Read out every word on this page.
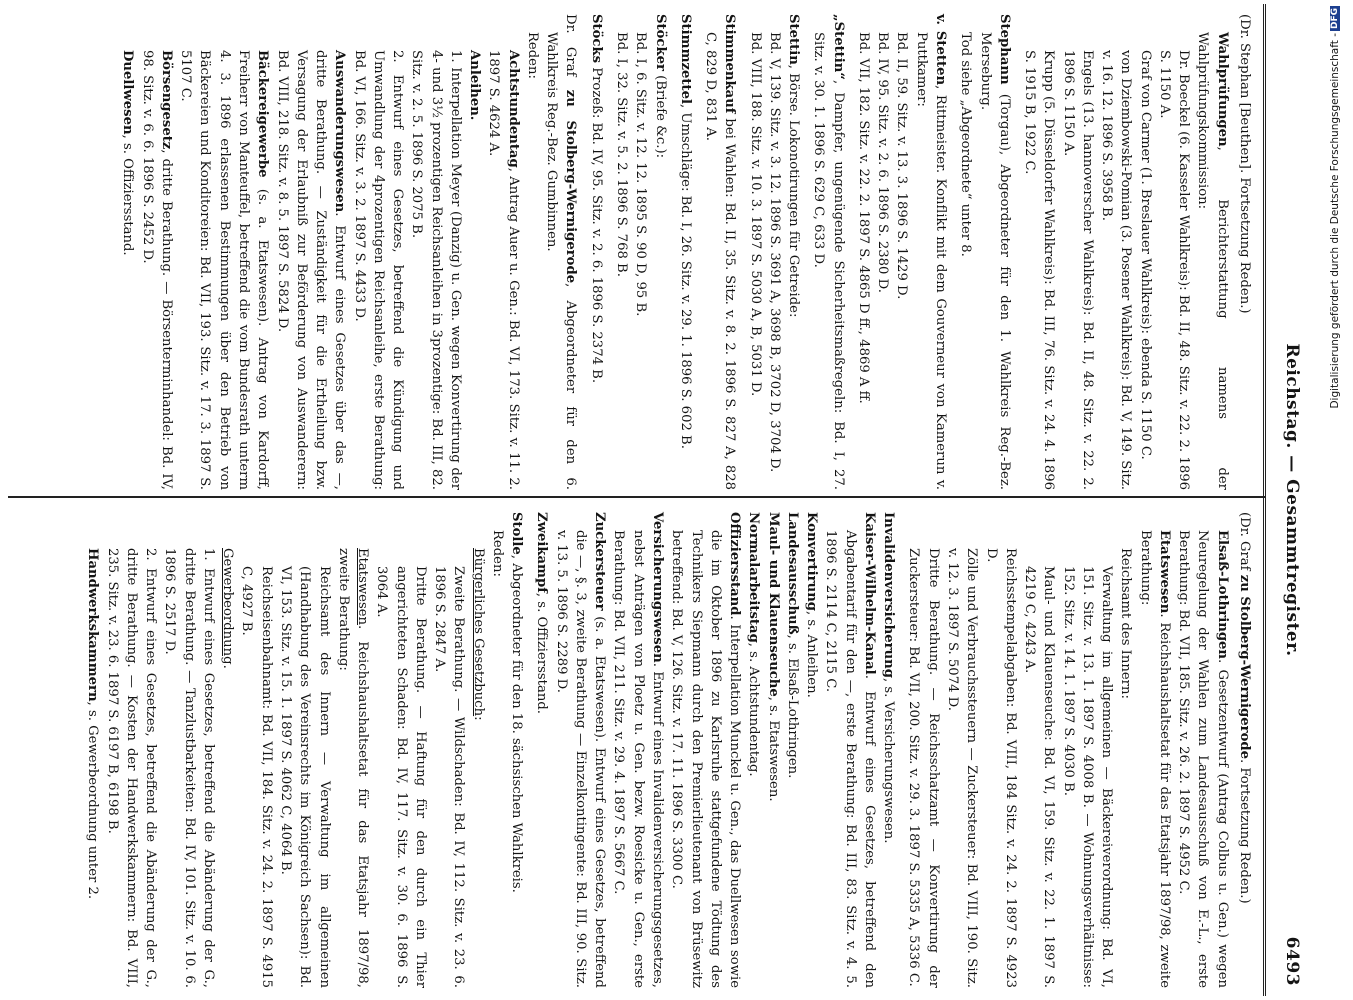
Reichstag. — Gesammtregister.
6493

(Dr. Stephan [Beuthen]. Fortsetzung Reden.)

Wahlprüfungen, Berichterstattung namens der Wahlprüfungskommission:

Dr. Boeckel (6. Kasseler Wahlkreis): Bd. II, 48. Sitz. v. 22. 2. 1896 S. 1150 A.

Graf von Carmer (1. Breslauer Wahlkreis): ebenda S. 1150 C.

von Dziembowski-Pomian (3. Posener Wahlkreis): Bd. V, 149. Sitz. v. 16. 12. 1896 S. 3958 B.

Engels (13. hannoverscher Wahlkreis): Bd. II, 48. Sitz. v. 22. 2. 1896 S. 1150 A.

Krupp (5. Düsseldorfer Wahlkreis): Bd. III, 76. Sitz. v. 24. 4. 1896 S. 1915 B, 1922 C.

Stephann (Torgau), Abgeordneter für den 1. Wahlkreis Reg.-Bez. Merseburg.

Tod siehe „Abgeordnete“ unter 8.

v. Stetten, Rittmeister. Konflikt mit dem Gouverneur von Kamerun v. Puttkamer:

Bd. II, 59. Sitz. v. 13. 3. 1896 S. 1429 D.

Bd. IV, 95. Sitz. v. 2. 6. 1896 S. 2380 D.

Bd. VII, 182. Sitz. v. 22. 2. 1897 S. 4865 D ff., 4869 A ff.

„Stettin“, Dampfer, ungenügende Sicherheitsmaßregeln: Bd. I, 27. Sitz. v. 30. 1. 1896 S. 629 C, 633 D.

Stettin, Börse. Lokonotirungen für Getreide:

Bd. V, 139. Sitz. v. 3. 12. 1896 S. 3691 A, 3698 B, 3702 D, 3704 D.

Bd. VIII, 188. Sitz. v. 10. 3. 1897 S. 5030 A, B, 5031 D.

Stimmenkauf bei Wahlen: Bd. II, 35. Sitz. v. 8. 2. 1896 S. 827 A, 828 C, 829 D, 831 A.

Stimmzettel, Umschläge: Bd. I, 26. Sitz. v. 29. 1. 1896 S. 602 B.

Stöcker (Briefe &c.):

Bd. I, 6. Sitz. v. 12. 12. 1895 S. 90 D, 95 B.

Bd. I, 32. Sitz. v. 5. 2. 1896 S. 768 B.

Stöcks Prozeß: Bd. IV, 95. Sitz. v. 2. 6. 1896 S. 2374 B.

Dr. Graf zu Stolberg-Wernigerode, Abgeordneter für den 6. Wahlkreis Reg.-Bez. Gumbinnen.

Reden:

Achtstundentag, Antrag Auer u. Gen.: Bd. VI, 173. Sitz. v. 11. 2. 1897 S. 4624 A.

Anleihen.

1. Interpellation Meyer (Danzig) u. Gen. wegen Konvertirung der 4- und 3½ prozentigen Reichsanleihen in 3prozentige: Bd. III, 82. Sitz. v. 2. 5. 1896 S. 2075 B.

2. Entwurf eines Gesetzes, betreffend die Kündigung und Umwandlung der 4prozentigen Reichsanleihe, erste Berathung: Bd. VI, 166. Sitz. v. 3. 2. 1897 S. 4433 D.

Auswanderungswesen. Entwurf eines Gesetzes über das —, dritte Berathung. — Zuständigkeit für die Ertheilung bzw. Versagung der Erlaubniß zur Beförderung von Auswanderern: Bd. VIII, 218. Sitz. v. 8. 5. 1897 S. 5824 D.

Bäckereigewerbe (s. a. Etatswesen). Antrag von Kardorff, Freiherr von Manteuffel, betreffend die vom Bundesrath unterm 4. 3. 1896 erlassenen Bestimmungen über den Betrieb von Bäckereien und Konditoreien: Bd. VII, 193. Sitz. v. 17. 3. 1897 S. 5107 C.

Börsengesetz, dritte Berathung. — Börsenterminhandel: Bd. IV, 98. Sitz. v. 6. 6. 1896 S. 2452 D.

Duellwesen, s. Offiziersstand.

(Dr. Graf zu Stolberg-Wernigerode. Fortsetzung Reden.)

Elsaß-Lothringen. Gesetzentwurf (Antrag Colbus u. Gen.) wegen Neuregelung der Wahlen zum Landesausschuß von E.-L., erste Berathung: Bd. VII, 185. Sitz. v. 26. 2. 1897 S. 4952 C.

Etatswesen. Reichshaushaltsetat für das Etatsjahr 1897/98, zweite Berathung:

Reichsamt des Innern:

Verwaltung im allgemeinen — Bäckereiverordnung: Bd. VI, 151. Sitz. v. 13. 1. 1897 S. 4008 B. — Wohnungsverhältnisse: 152. Sitz. v. 14. 1. 1897 S. 4030 B.

Maul- und Klauenseuche: Bd. VI, 159. Sitz. v. 22. 1. 1897 S. 4219 C, 4243 A.

Reichsstempelabgaben: Bd. VIII, 184 Sitz. v. 24. 2. 1897 S. 4923 D.

Zölle und Verbrauchssteuern — Zuckersteuer: Bd. VIII, 190. Sitz. v. 12. 3. 1897 S. 5074 D.

Dritte Berathung. — Reichsschatzamt — Konvertirung der Zuckersteuer: Bd. VII, 200. Sitz. v. 29. 3. 1897 S. 5335 A, 5336 C.

Invalidenversicherung, s. Versicherungswesen.

Kaiser-Wilhelm-Kanal. Entwurf eines Gesetzes, betreffend den Abgabentarif für den —, erste Berathung: Bd. III, 83. Sitz. v. 4. 5. 1896 S. 2114 C, 2115 C.

Konvertirung, s. Anleihen.

Landesausschuß, s. Elsaß-Lothringen.

Maul- und Klauenseuche, s. Etatswesen.

Normalarbeitstag, s. Achtstundentag.

Offiziersstand. Interpellation Munckel u. Gen., das Duellwesen sowie die im Oktober 1896 zu Karlsruhe stattgefundene Tödtung des Technikers Siepmann durch den Premierlieutenant von Brüsewitz betreffend: Bd. V, 126. Sitz. v. 17. 11. 1896 S. 3300 C.

Versicherungswesen. Entwurf eines Invalidenversicherungsgesetzes, nebst Anträgen von Ploetz u. Gen. bezw. Roesicke u. Gen., erste Berathung: Bd. VII, 211. Sitz. v. 29. 4. 1897 S. 5667 C.

Zuckersteuer (s. a. Etatswesen). Entwurf eines Gesetzes, betreffend die —, §. 3, zweite Berathung — Einzelkontingente: Bd. III, 90. Sitz. v. 13. 5. 1896 S. 2289 D.

Zweikampf, s. Offiziersstand.

Stolle, Abgeordneter für den 18. sächsischen Wahlkreis.

Reden:

Bürgerliches Gesetzbuch:

Zweite Berathung. — Wildschaden: Bd. IV, 112. Sitz. v. 23. 6. 1896 S. 2847 A.

Dritte Berathung. — Haftung für den durch ein Thier angerichteten Schaden: Bd. IV, 117. Sitz. v. 30. 6. 1896 S. 3064 A.

Etatswesen. Reichshaushaltsetat für das Etatsjahr 1897/98, zweite Berathung:

Reichsamt des Innern — Verwaltung im allgemeinen (Handhabung des Vereinsrechts im Königreich Sachsen): Bd. VI, 153. Sitz. v. 15. 1. 1897 S. 4062 C, 4064 B.

Reichseisenbahnamt: Bd. VII, 184. Sitz. v. 24. 2. 1897 S. 4915 C, 4927 B.

Gewerbeordnung.

1. Entwurf eines Gesetzes, betreffend die Abänderung der G., dritte Berathung. — Tanzlustbarkeiten: Bd. IV, 101. Sitz. v. 10. 6. 1896 S. 2517 D.

2. Entwurf eines Gesetzes, betreffend die Abänderung der G., dritte Berathung. — Kosten der Handwerkskammern: Bd. VIII, 235. Sitz. v. 23. 6. 1897 S. 6197 B, 6198 B.

Handwerkskammern, s. Gewerbeordnung unter 2.

Digitalisierung gefördert durch die Deutsche Forschungsgemeinschaft -DFG
